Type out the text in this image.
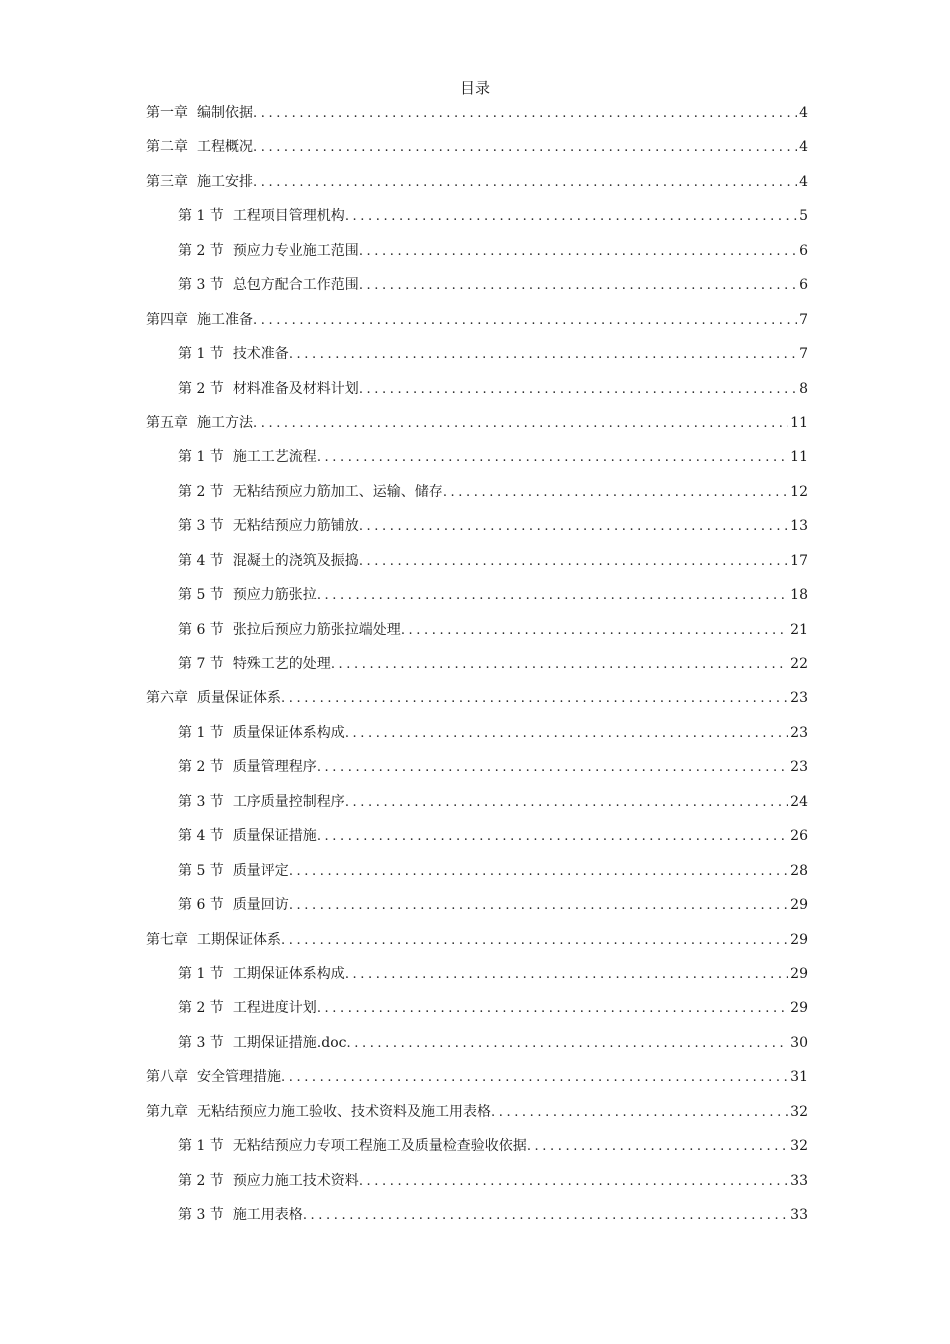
目录
第一章 编制依据 .....	4
第二章 工程概况 .....	4
第三章 施工安排 .....	4
第 1 节 工程项目管理机构 .....	5
第 2 节 预应力专业施工范围 .....	6
第 3 节 总包方配合工作范围 .....	6
第四章 施工准备 .....	7
第 1 节 技术准备 .....	7
第 2 节 材料准备及材料计划 .....	8
第五章 施工方法 .....	11
第 1 节 施工工艺流程 .....	11
第 2 节 无粘结预应力筋加工、运输、储存 .....	12
第 3 节 无粘结预应力筋铺放 .....	13
第 4 节 混凝土的浇筑及振捣 .....	17
第 5 节 预应力筋张拉 .....	18
第 6 节 张拉后预应力筋张拉端处理 .....	21
第 7 节 特殊工艺的处理 .....	22
第六章 质量保证体系 .....	23
第 1 节 质量保证体系构成 .....	23
第 2 节 质量管理程序 .....	23
第 3 节 工序质量控制程序 .....	24
第 4 节 质量保证措施 .....	26
第 5 节 质量评定 .....	28
第 6 节 质量回访 .....	29
第七章 工期保证体系 .....	29
第 1 节 工期保证体系构成 .....	29
第 2 节 工程进度计划 .....	29
第 3 节 工期保证措施.doc .....	30
第八章 安全管理措施 .....	31
第九章 无粘结预应力施工验收、技术资料及施工用表格 .....	32
第 1 节 无粘结预应力专项工程施工及质量检查验收依据 .....	32
第 2 节 预应力施工技术资料 .....	33
第 3 节 施工用表格 .....	33
